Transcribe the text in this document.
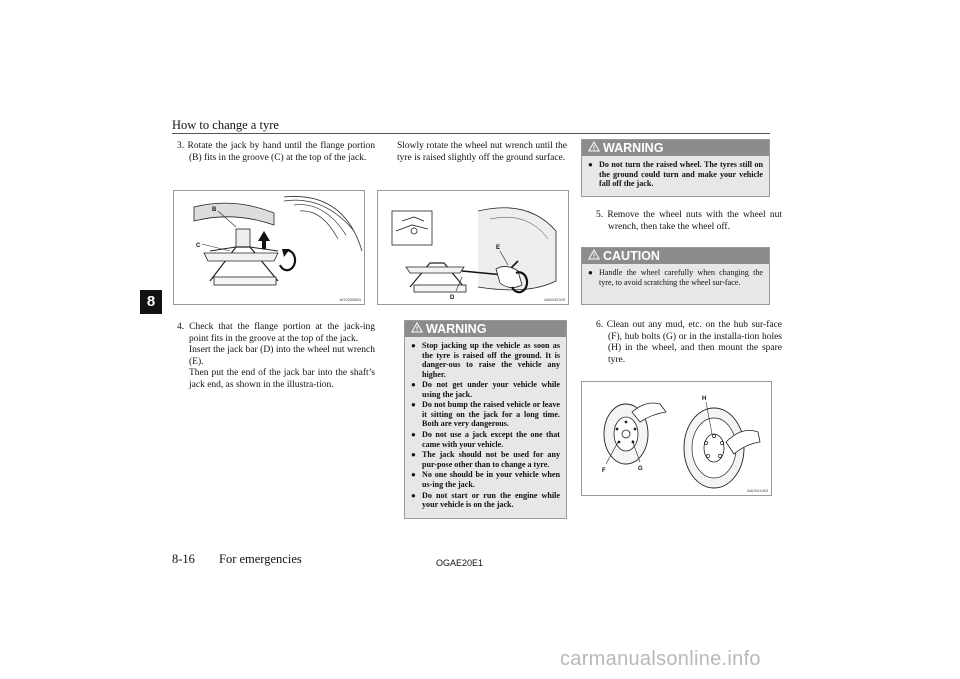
How to change a tyre
8
3. Rotate the jack by hand until the flange portion (B) fits in the groove (C) at the top of the jack.
B
C
AG0005854
4. Check that the flange portion at the jack-ing point fits in the groove at the top of the jack.
Insert the jack bar (D) into the wheel nut wrench (E).
Then put the end of the jack bar into the shaft’s jack end, as shown in the illustra-tion.
Slowly rotate the wheel nut wrench until the tyre is raised slightly off the ground surface.
D
E
AA0042349
WARNING
● Stop jacking up the vehicle as soon as the tyre is raised off the ground. It is danger-ous to raise the vehicle any higher.
● Do not get under your vehicle while using the jack.
● Do not bump the raised vehicle or leave it sitting on the jack for a long time. Both are very dangerous.
● Do not use a jack except the one that came with your vehicle.
● The jack should not be used for any pur-pose other than to change a tyre.
● No one should be in your vehicle when us-ing the jack.
● Do not start or run the engine while your vehicle is on the jack.
WARNING
● Do not turn the raised wheel. The tyres still on the ground could turn and make your vehicle fall off the jack.
5. Remove the wheel nuts with the wheel nut wrench, then take the wheel off.
CAUTION
● Handle the wheel carefully when changing the tyre, to avoid scratching the wheel sur-face.
6. Clean out any mud, etc. on the hub sur-face (F), hub bolts (G) or in the installa-tion holes (H) in the wheel, and then mount the spare tyre.
F	G
H
AA0041283
8-16 For emergencies	OGAE20E1
carmanualsonline.info
